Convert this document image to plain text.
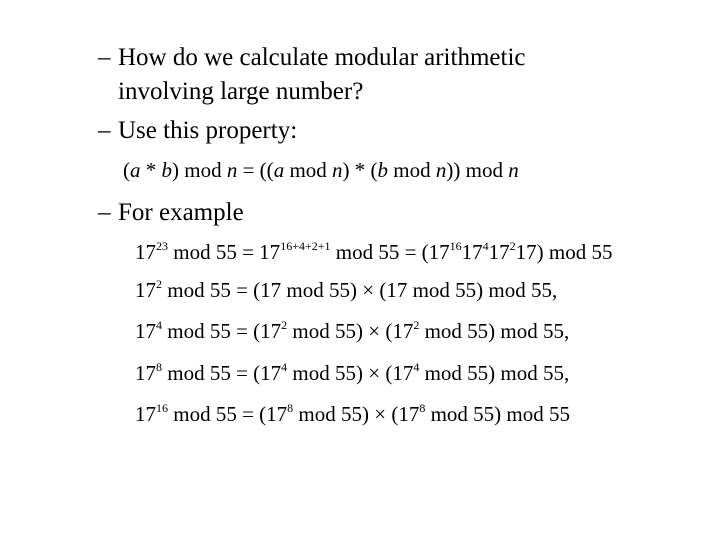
– How do we calculate modular arithmetic
involving large number?
– Use this property:
(a * b) mod n = ((a mod n) * (b mod n)) mod n
– For example
$17^{23}$ mod $55 = 17^{16+4+2+1}$ mod $55 = (17^{16}17^417^217)$ mod 55
$17^2$ mod 55 = (17 mod 55) × (17 mod 55) mod 55,
$17^4$ mod $55 = (17^2$ mod $55) \times (17^2$ mod 55) mod 55,
$17^8$ mod $55 = (17^4$ mod $55) \times (17^4$ mod 55) mod 55,
$17^{16}$ mod $55 = (17^8$ mod $55) \times (17^8$ mod 55) mod 55
